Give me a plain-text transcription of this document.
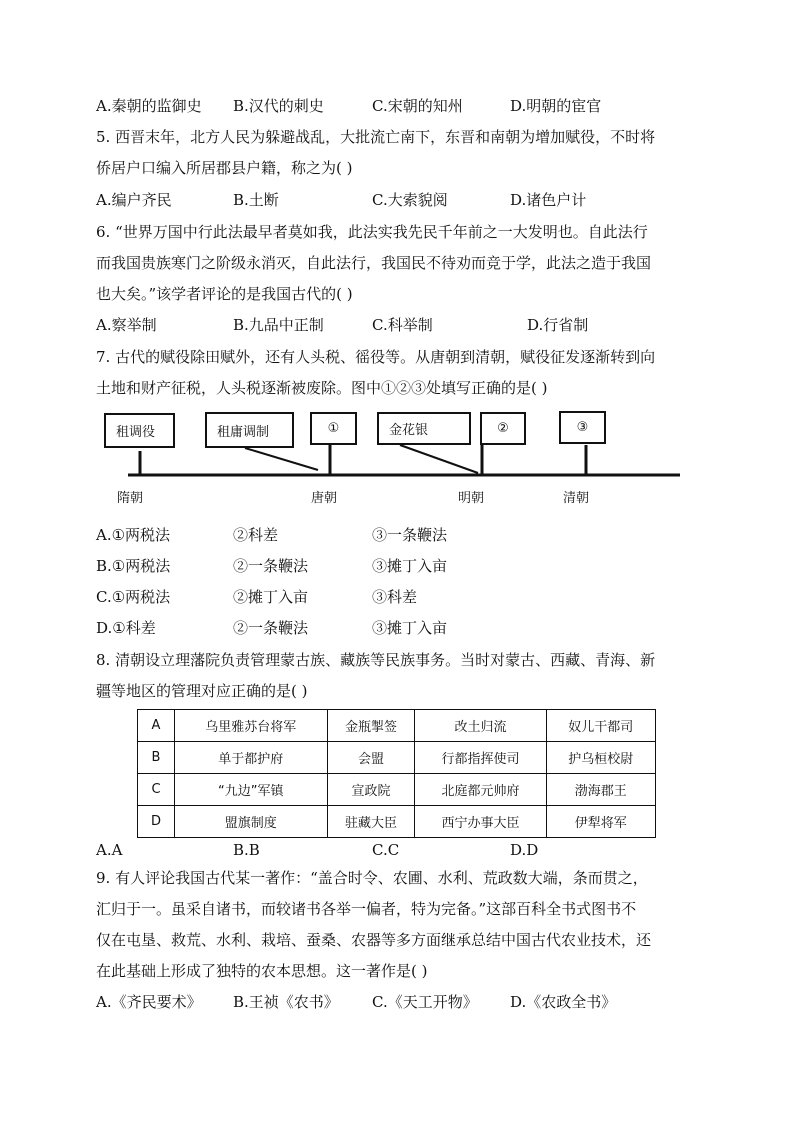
A.秦朝的监御史 B.汉代的刺史	C.宋朝的知州	D.明朝的宦官
5. 西晋末年，北方人民为躲避战乱，大批流亡南下，东晋和南朝为增加赋役，不时将
侨居户口编入所居郡县户籍，称之为( )
A.编户齐民	B.土断	C.大索貌阅	D.诸色户计
6. “世界万国中行此法最早者莫如我，此法实我先民千年前之一大发明也。自此法行
而我国贵族寒门之阶级永消灭，自此法行，我国民不待劝而竞于学，此法之造于我国
也大矣。”该学者评论的是我国古代的( )
A.察举制	B.九品中正制	C.科举制	D.行省制
7. 古代的赋役除田赋外，还有人头税、徭役等。从唐朝到清朝，赋役征发逐渐转到向
土地和财产征税，人头税逐渐被废除。图中①②③处填写正确的是( )
租调役	租庸调制	①	金花银	②	③
隋朝	唐朝	明朝	清朝
A.①两税法	②科差	③一条鞭法
B.①两税法	②一条鞭法	③摊丁入亩
C.①两税法	②摊丁入亩	③科差
D.①科差	②一条鞭法	③摊丁入亩
8. 清朝设立理藩院负责管理蒙古族、藏族等民族事务。当时对蒙古、西藏、青海、新
疆等地区的管理对应正确的是( )
A	乌里雅苏台将军	金瓶掣签	改土归流	奴儿干都司
B	单于都护府	会盟	行都指挥使司	护乌桓校尉
C	“九边”军镇	宣政院	北庭都元帅府	渤海郡王
D	盟旗制度	驻藏大臣	西宁办事大臣	伊犁将军
A.A	B.B	C.C	D.D
9. 有人评论我国古代某一著作：“盖合时令、农圃、水利、荒政数大端，条而贯之，
汇归于一。虽采自诸书，而较诸书各举一偏者，特为完备。”这部百科全书式图书不
仅在屯垦、救荒、水利、栽培、蚕桑、农器等多方面继承总结中国古代农业技术，还
在此基础上形成了独特的农本思想。这一著作是( )
A.《齐民要术》 B.王祯《农书》 C.《天工开物》 D.《农政全书》
